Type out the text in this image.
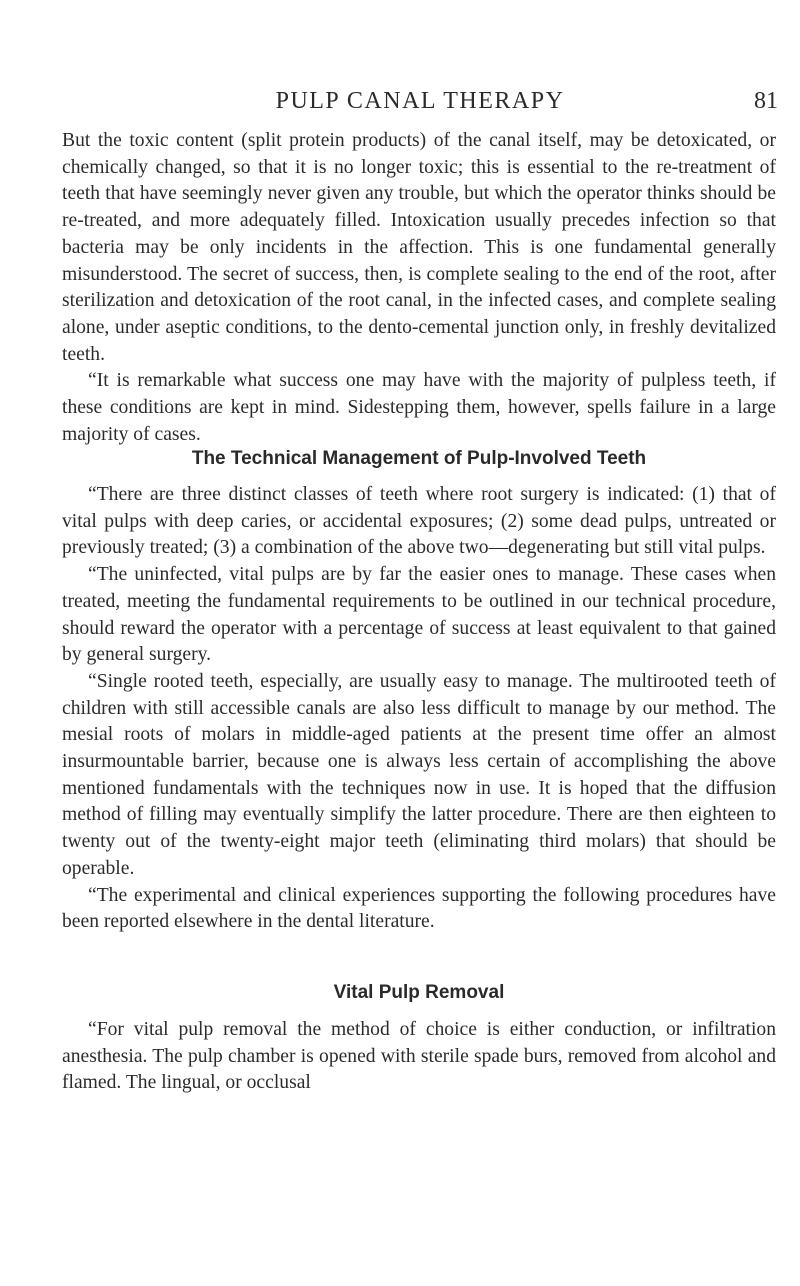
PULP CANAL THERAPY	81

But the toxic content (split protein products) of the canal itself, may be detoxicated, or chemically changed, so that it is no longer toxic; this is essential to the re-treatment of teeth that have seemingly never given any trouble, but which the operator thinks should be re-treated, and more adequately filled. Intoxication usually precedes infection so that bacteria may be only incidents in the affection. This is one fundamental generally misunderstood. The secret of success, then, is complete sealing to the end of the root, after sterilization and detoxication of the root canal, in the infected cases, and complete sealing alone, under aseptic conditions, to the dento-cemental junction only, in freshly devitalized teeth.

“It is remarkable what success one may have with the majority of pulpless teeth, if these conditions are kept in mind. Sidestepping them, however, spells failure in a large majority of cases.

The Technical Management of Pulp-Involved Teeth

“There are three distinct classes of teeth where root surgery is indicated: (1) that of vital pulps with deep caries, or accidental exposures; (2) some dead pulps, untreated or previously treated; (3) a combination of the above two—degenerating but still vital pulps.

“The uninfected, vital pulps are by far the easier ones to manage. These cases when treated, meeting the fundamental requirements to be outlined in our technical procedure, should reward the operator with a percentage of success at least equivalent to that gained by general surgery.

“Single rooted teeth, especially, are usually easy to manage. The multirooted teeth of children with still accessible canals are also less difficult to manage by our method. The mesial roots of molars in middle-aged patients at the present time offer an almost insurmountable barrier, because one is always less certain of accomplishing the above mentioned fundamentals with the techniques now in use. It is hoped that the diffusion method of filling may eventually simplify the latter procedure. There are then eighteen to twenty out of the twenty-eight major teeth (eliminating third molars) that should be operable.

“The experimental and clinical experiences supporting the following procedures have been reported elsewhere in the dental literature.

Vital Pulp Removal

“For vital pulp removal the method of choice is either conduction, or infiltration anesthesia. The pulp chamber is opened with sterile spade burs, removed from alcohol and flamed. The lingual, or occlusal
